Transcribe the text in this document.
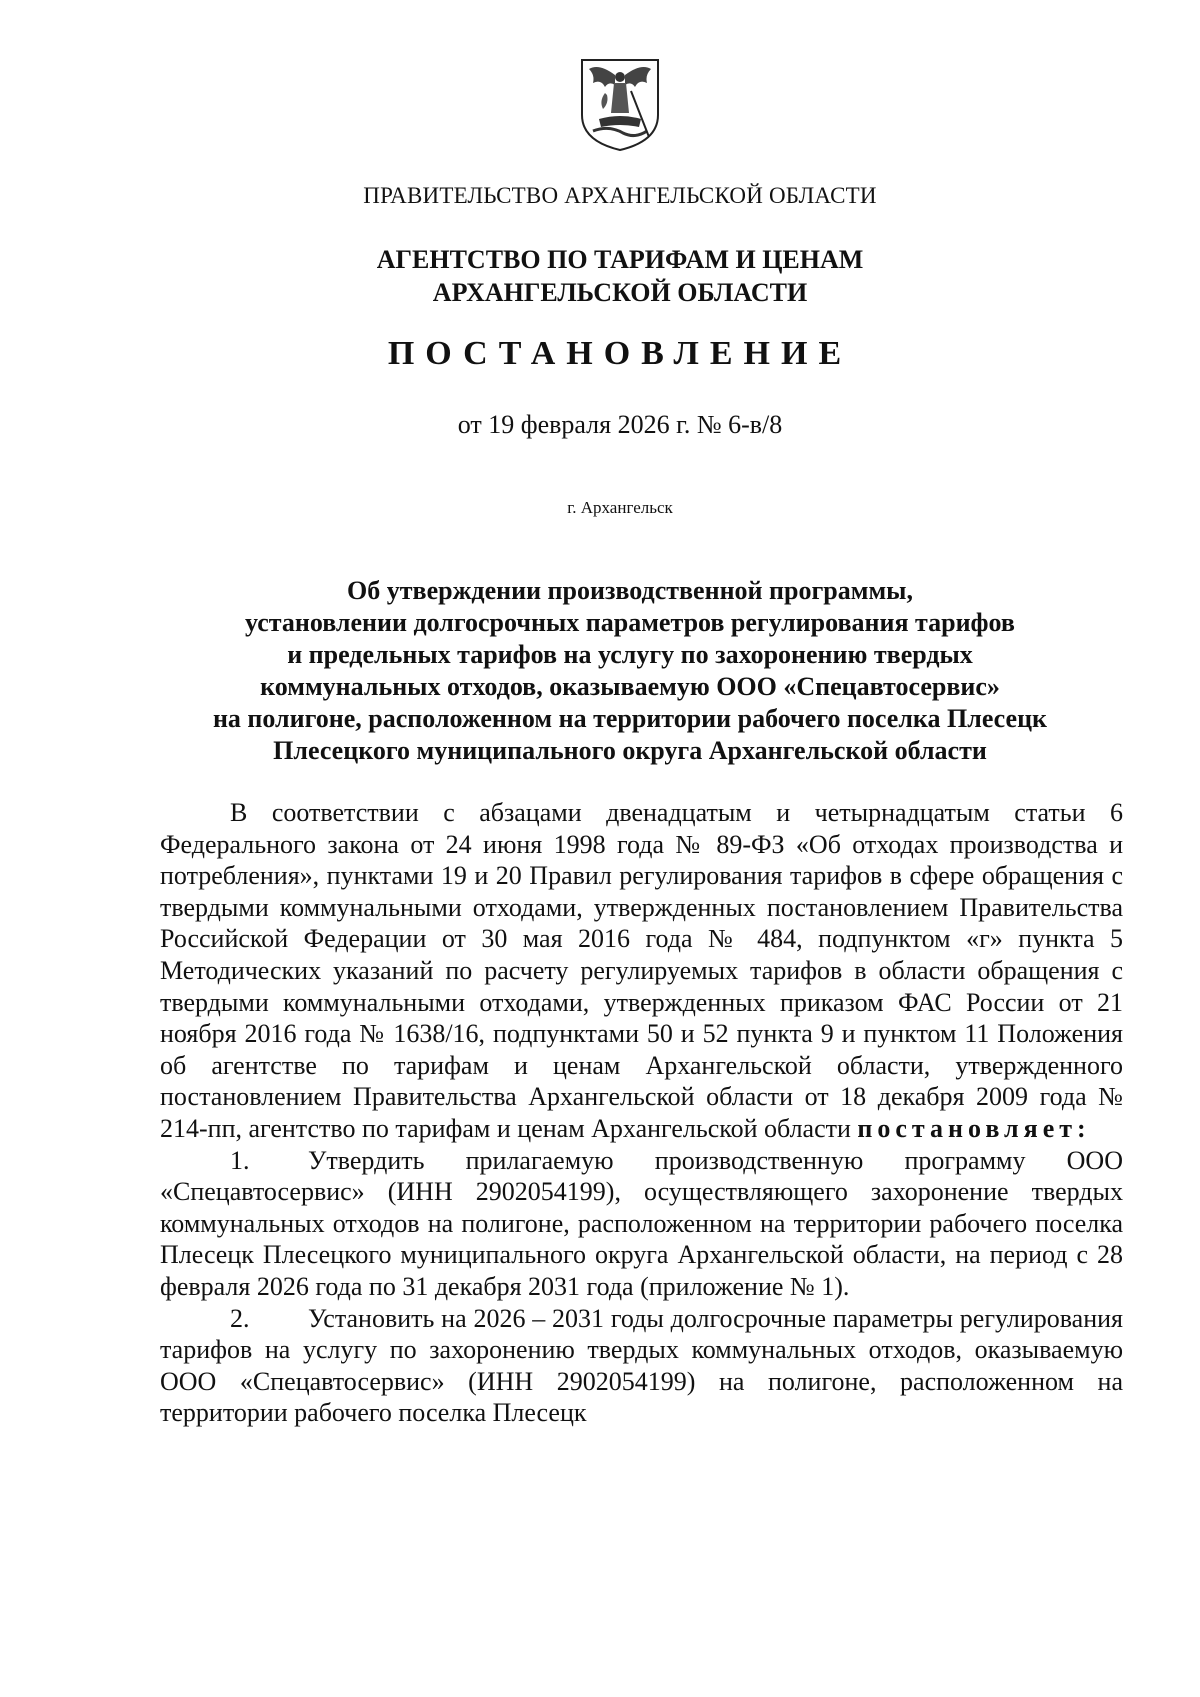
ПРАВИТЕЛЬСТВО АРХАНГЕЛЬСКОЙ ОБЛАСТИ
АГЕНТСТВО ПО ТАРИФАМ И ЦЕНАМ
АРХАНГЕЛЬСКОЙ ОБЛАСТИ
ПОСТАНОВЛЕНИЕ
от 19 февраля 2026 г. № 6-в/8
г. Архангельск
Об утверждении производственной программы,
установлении долгосрочных параметров регулирования тарифов
и предельных тарифов на услугу по захоронению твердых
коммунальных отходов, оказываемую ООО «Спецавтосервис»
на полигоне, расположенном на территории рабочего поселка Плесецк
Плесецкого муниципального округа Архангельской области

В соответствии с абзацами двенадцатым и четырнадцатым статьи 6 Федерального закона от 24 июня 1998 года № 89-ФЗ «Об отходах производства и потребления», пунктами 19 и 20 Правил регулирования тарифов в сфере обращения с твердыми коммунальными отходами, утвержденных постановлением Правительства Российской Федерации от 30 мая 2016 года № 484, подпунктом «г» пункта 5 Методических указаний по расчету регулируемых тарифов в области обращения с твердыми коммунальными отходами, утвержденных приказом ФАС России от 21 ноября 2016 года № 1638/16, подпунктами 50 и 52 пункта 9 и пунктом 11 Положения об агентстве по тарифам и ценам Архангельской области, утвержденного постановлением Правительства Архангельской области от 18 декабря 2009 года № 214-пп, агентство по тарифам и ценам Архангельской области постановляет:

1. Утвердить прилагаемую производственную программу ООО «Спецавтосервис» (ИНН 2902054199), осуществляющего захоронение твердых коммунальных отходов на полигоне, расположенном на территории рабочего поселка Плесецк Плесецкого муниципального округа Архангельской области, на период с 28 февраля 2026 года по 31 декабря 2031 года (приложение № 1).
2. Установить на 2026 – 2031 годы долгосрочные параметры регулирования тарифов на услугу по захоронению твердых коммунальных отходов, оказываемую ООО «Спецавтосервис» (ИНН 2902054199) на полигоне, расположенном на территории рабочего поселка Плесецк
